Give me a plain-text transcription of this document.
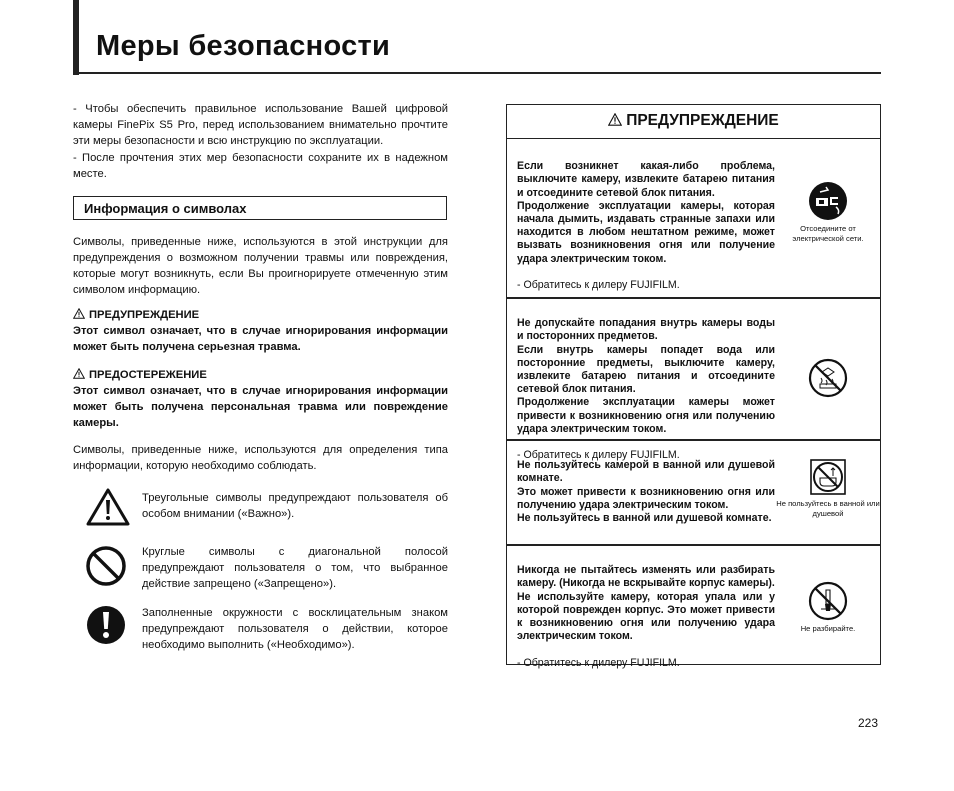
Меры безопасности

- Чтобы обеспечить правильное использование Вашей цифровой камеры FinePix S5 Pro, перед использованием внимательно прочтите эти меры безопасности и всю инструкцию по эксплуатации.

- После прочтения этих мер безопасности сохраните их в надежном месте.

Информация о символах

Символы, приведенные ниже, используются в этой инструкции для предупреждения о возможном получении травмы или повреждения, которые могут возникнуть, если Вы проигнорируете отмеченную этим символом информацию.

ПРЕДУПРЕЖДЕНИЕ

Этот символ означает, что в случае игнорирования информации может быть получена серьезная травма.

ПРЕДОСТЕРЕЖЕНИЕ

Этот символ означает, что в случае игнорирования информации может быть получена персональная травма или повреждение камеры.

Символы, приведенные ниже, используются для определения типа информации, которую необходимо соблюдать.

Треугольные символы предупреждают пользователя об особом внимании («Важно»).

Круглые символы с диагональной полосой предупреждают пользователя о том, что выбранное действие запрещено («Запрещено»).

Заполненные окружности с восклицательным знаком предупреждают пользователя о действии, которое необходимо выполнить («Необходимо»).

ПРЕДУПРЕЖДЕНИЕ

Если возникнет какая-либо проблема, выключите камеру, извлеките батарею питания и отсоедините сетевой блок питания.
Продолжение эксплуатации камеры, которая начала дымить, издавать странные запахи или находится в любом нештатном режиме, может вызвать возникновения огня или получение удара электрическим током.

- Обратитесь к дилеру FUJIFILM.

Отсоедините от электрической сети.

Не допускайте попадания внутрь камеры воды и посторонних предметов.
Если внутрь камеры попадет вода или посторонние предметы, выключите камеру, извлеките батарею питания и отсоедините сетевой блок питания.
Продолжение эксплуатации камеры может привести к возникновению огня или получению удара электрическим током.

- Обратитесь к дилеру FUJIFILM.

Не пользуйтесь камерой в ванной или душевой комнате.
Это может привести к возникновению огня или получению удара электрическим током.
Не пользуйтесь в ванной или душевой комнате.

Не пользуйтесь в ванной или душевой

Никогда не пытайтесь изменять или разбирать камеру. (Никогда не вскрывайте корпус камеры).
Не используйте камеру, которая упала или у которой поврежден корпус. Это может привести к возникновению огня или получению удара электрическим током.

- Обратитесь к дилеру FUJIFILM.

Не разбирайте.

223
